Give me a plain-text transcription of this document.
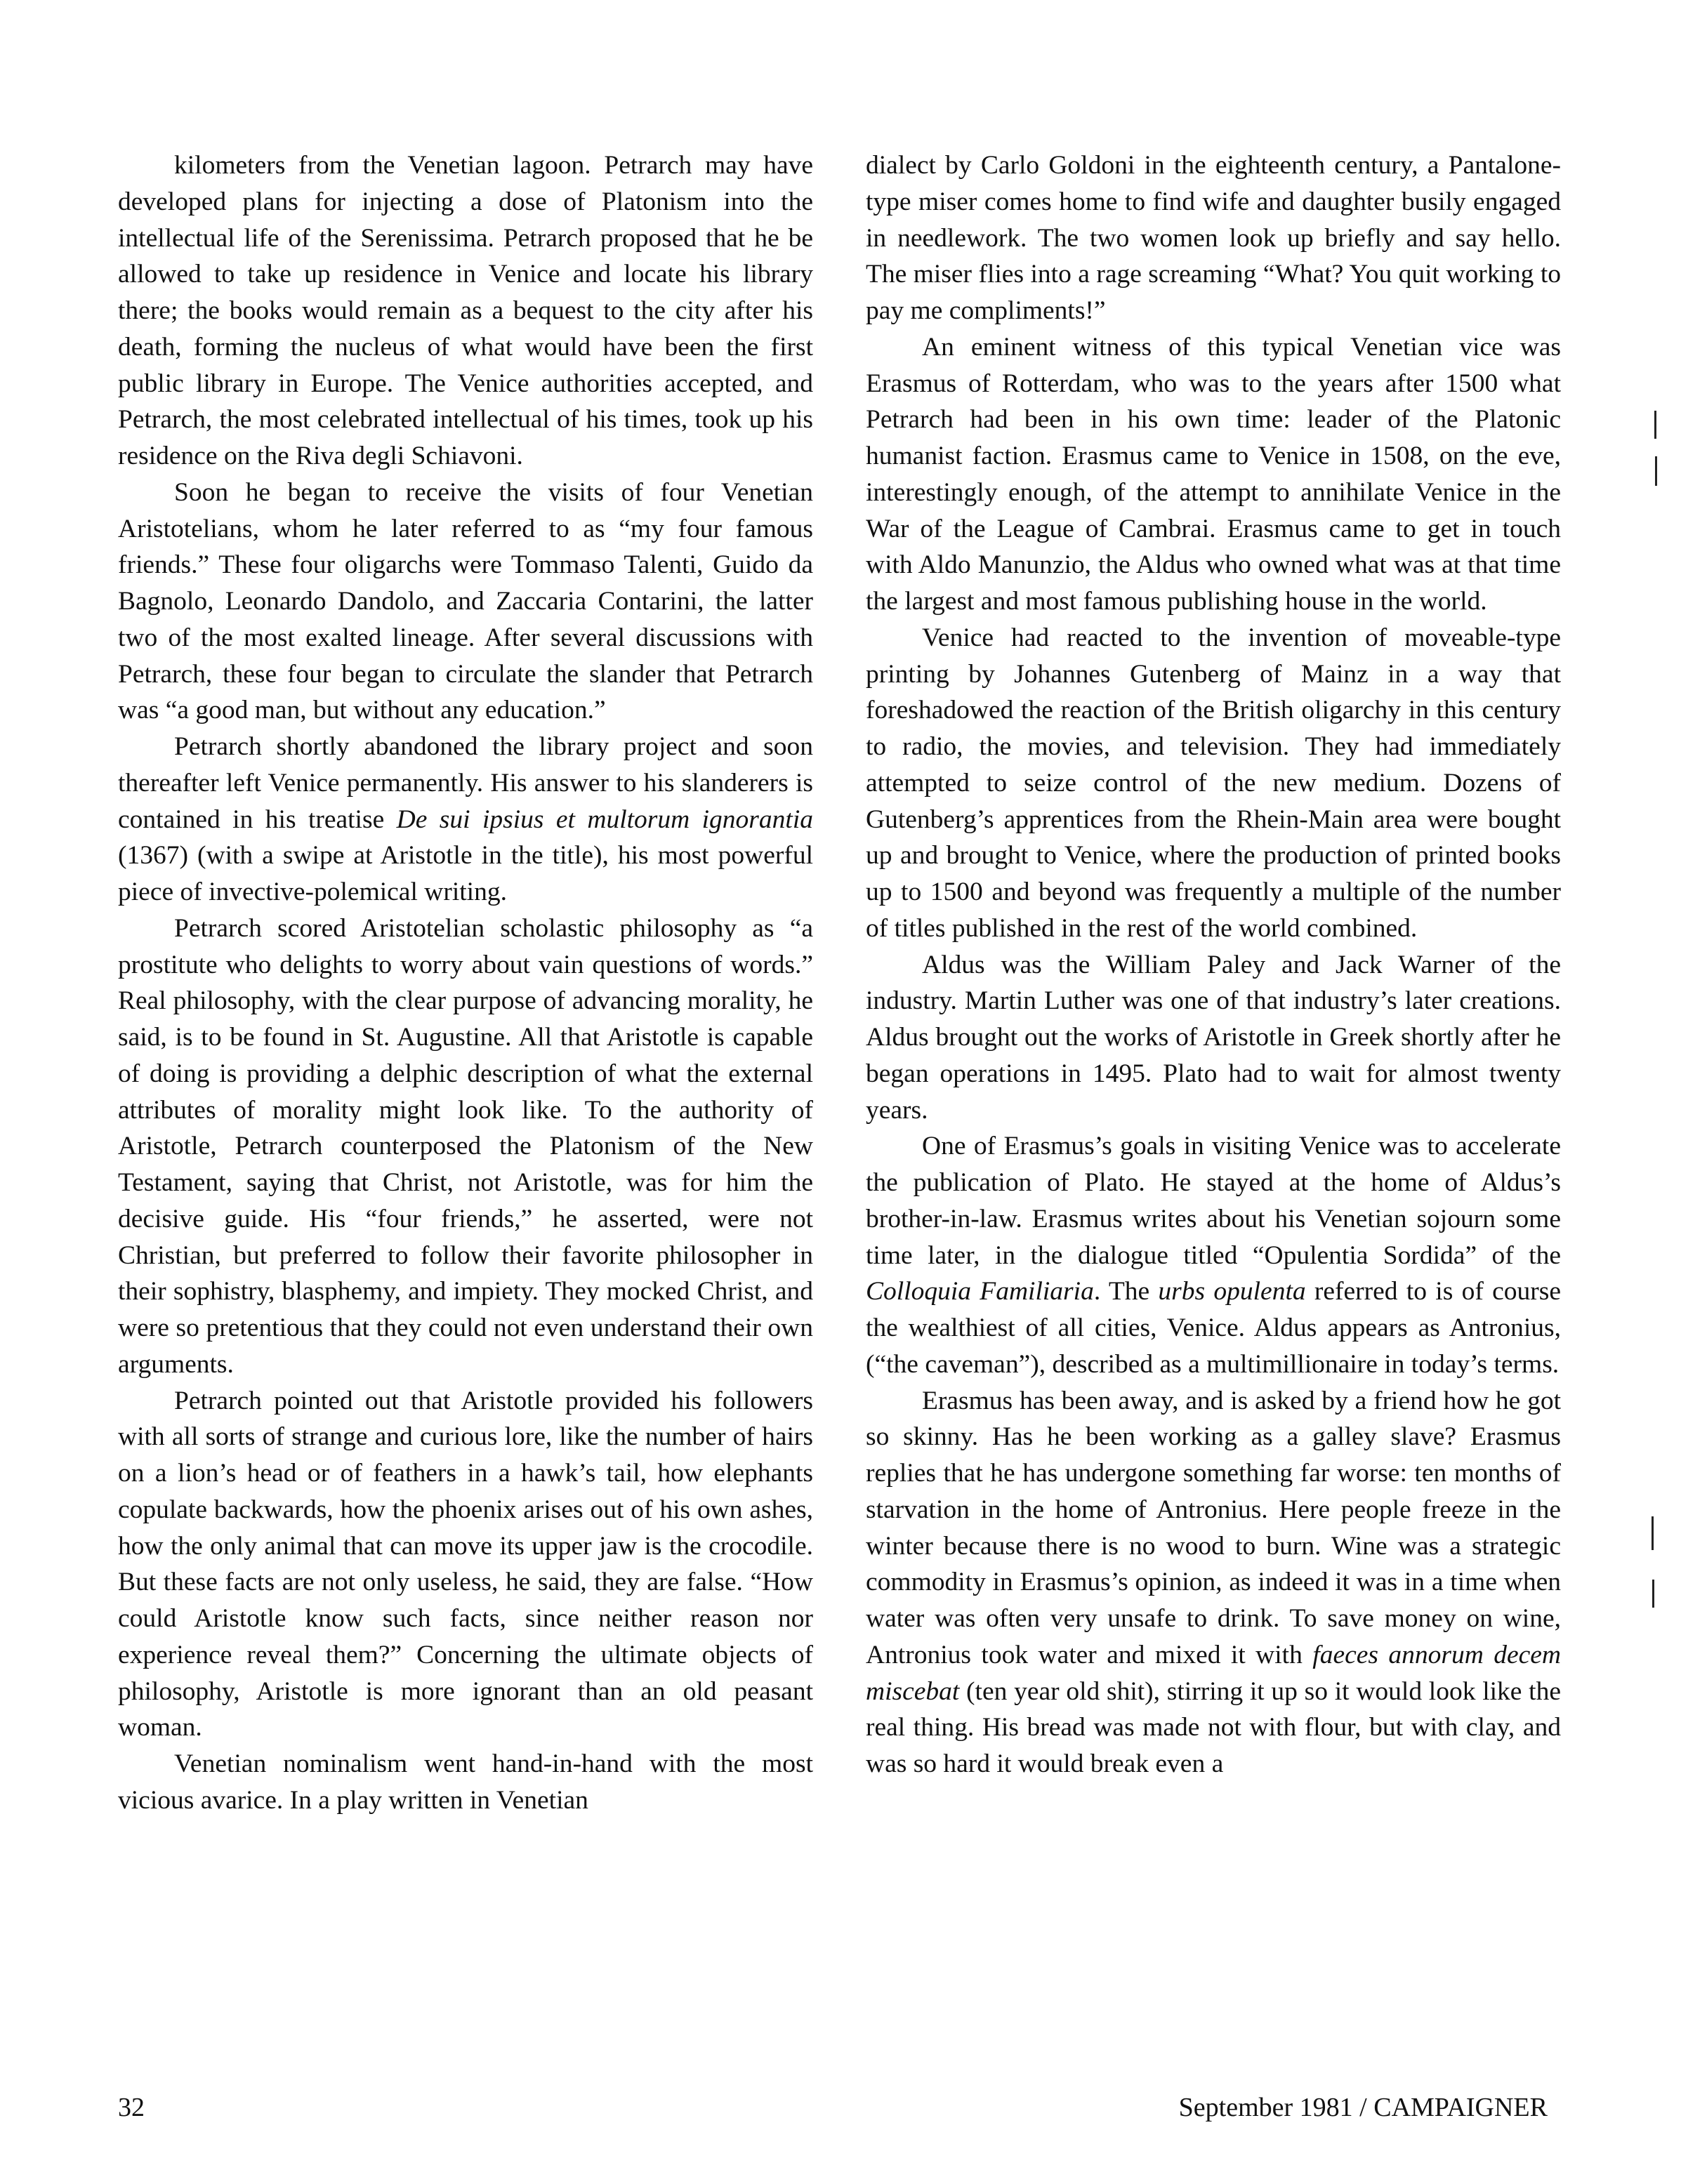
kilometers from the Venetian lagoon. Petrarch may have developed plans for injecting a dose of Platonism into the intellectual life of the Serenissima. Petrarch proposed that he be allowed to take up residence in Venice and locate his library there; the books would remain as a bequest to the city after his death, forming the nucleus of what would have been the first public library in Europe. The Venice authorities accepted, and Petrarch, the most celebrated intellectual of his times, took up his residence on the Riva degli Schiavoni.

Soon he began to receive the visits of four Venetian Aristotelians, whom he later referred to as “my four famous friends.” These four oligarchs were Tommaso Talenti, Guido da Bagnolo, Leonardo Dandolo, and Zaccaria Contarini, the latter two of the most exalted lineage. After several discussions with Petrarch, these four began to circulate the slander that Petrarch was “a good man, but without any education.”

Petrarch shortly abandoned the library project and soon thereafter left Venice permanently. His answer to his slanderers is contained in his treatise De sui ipsius et multorum ignorantia (1367) (with a swipe at Aristotle in the title), his most powerful piece of invective-polemical writing.

Petrarch scored Aristotelian scholastic philosophy as “a prostitute who delights to worry about vain questions of words.” Real philosophy, with the clear purpose of advancing morality, he said, is to be found in St. Augustine. All that Aristotle is capable of doing is providing a delphic description of what the external attributes of morality might look like. To the authority of Aristotle, Petrarch counterposed the Platonism of the New Testament, saying that Christ, not Aristotle, was for him the decisive guide. His “four friends,” he asserted, were not Christian, but preferred to follow their favorite philosopher in their sophistry, blasphemy, and impiety. They mocked Christ, and were so pretentious that they could not even understand their own arguments.

Petrarch pointed out that Aristotle provided his followers with all sorts of strange and curious lore, like the number of hairs on a lion’s head or of feathers in a hawk’s tail, how elephants copulate backwards, how the phoenix arises out of his own ashes, how the only animal that can move its upper jaw is the crocodile. But these facts are not only useless, he said, they are false. “How could Aristotle know such facts, since neither reason nor experience reveal them?” Concerning the ultimate objects of philosophy, Aristotle is more ignorant than an old peasant woman.

Venetian nominalism went hand-in-hand with the most vicious avarice. In a play written in Venetian

dialect by Carlo Goldoni in the eighteenth century, a Pantalone-type miser comes home to find wife and daughter busily engaged in needlework. The two women look up briefly and say hello. The miser flies into a rage screaming “What? You quit working to pay me compliments!”

An eminent witness of this typical Venetian vice was Erasmus of Rotterdam, who was to the years after 1500 what Petrarch had been in his own time: leader of the Platonic humanist faction. Erasmus came to Venice in 1508, on the eve, interestingly enough, of the attempt to annihilate Venice in the War of the League of Cambrai. Erasmus came to get in touch with Aldo Manunzio, the Aldus who owned what was at that time the largest and most famous publishing house in the world.

Venice had reacted to the invention of moveable-type printing by Johannes Gutenberg of Mainz in a way that foreshadowed the reaction of the British oligarchy in this century to radio, the movies, and television. They had immediately attempted to seize control of the new medium. Dozens of Gutenberg’s apprentices from the Rhein-Main area were bought up and brought to Venice, where the production of printed books up to 1500 and beyond was frequently a multiple of the number of titles published in the rest of the world combined.

Aldus was the William Paley and Jack Warner of the industry. Martin Luther was one of that industry’s later creations. Aldus brought out the works of Aristotle in Greek shortly after he began operations in 1495. Plato had to wait for almost twenty years.

One of Erasmus’s goals in visiting Venice was to accelerate the publication of Plato. He stayed at the home of Aldus’s brother-in-law. Erasmus writes about his Venetian sojourn some time later, in the dialogue titled “Opulentia Sordida” of the Colloquia Familiaria. The urbs opulenta referred to is of course the wealthiest of all cities, Venice. Aldus appears as Antronius, (“the caveman”), described as a multimillionaire in today’s terms.

Erasmus has been away, and is asked by a friend how he got so skinny. Has he been working as a galley slave? Erasmus replies that he has undergone something far worse: ten months of starvation in the home of Antronius. Here people freeze in the winter because there is no wood to burn. Wine was a strategic commodity in Erasmus’s opinion, as indeed it was in a time when water was often very unsafe to drink. To save money on wine, Antronius took water and mixed it with faeces annorum decem miscebat (ten year old shit), stirring it up so it would look like the real thing. His bread was made not with flour, but with clay, and was so hard it would break even a

32	September 1981 / CAMPAIGNER
